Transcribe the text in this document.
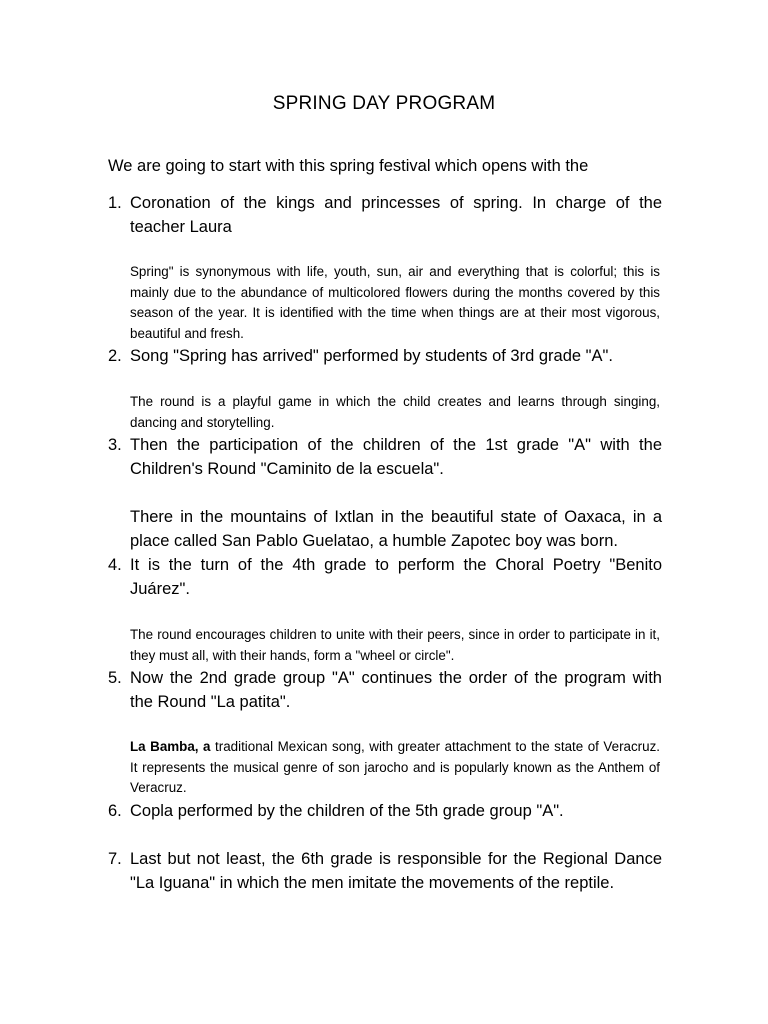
SPRING DAY PROGRAM
We are going to start with this spring festival which opens with the
1. Coronation of the kings and princesses of spring. In charge of the teacher Laura
Spring" is synonymous with life, youth, sun, air and everything that is colorful; this is mainly due to the abundance of multicolored flowers during the months covered by this season of the year. It is identified with the time when things are at their most vigorous, beautiful and fresh.
2. Song "Spring has arrived" performed by students of 3rd grade "A".
The round is a playful game in which the child creates and learns through singing, dancing and storytelling.
3. Then the participation of the children of the 1st grade "A" with the Children's Round "Caminito de la escuela".
There in the mountains of Ixtlan in the beautiful state of Oaxaca, in a place called San Pablo Guelatao, a humble Zapotec boy was born.
4. It is the turn of the 4th grade to perform the Choral Poetry "Benito Juárez".
The round encourages children to unite with their peers, since in order to participate in it, they must all, with their hands, form a "wheel or circle".
5. Now the 2nd grade group "A" continues the order of the program with the Round "La patita".
La Bamba, a traditional Mexican song, with greater attachment to the state of Veracruz. It represents the musical genre of son jarocho and is popularly known as the Anthem of Veracruz.
6. Copla performed by the children of the 5th grade group "A".
7. Last but not least, the 6th grade is responsible for the Regional Dance "La Iguana" in which the men imitate the movements of the reptile.
